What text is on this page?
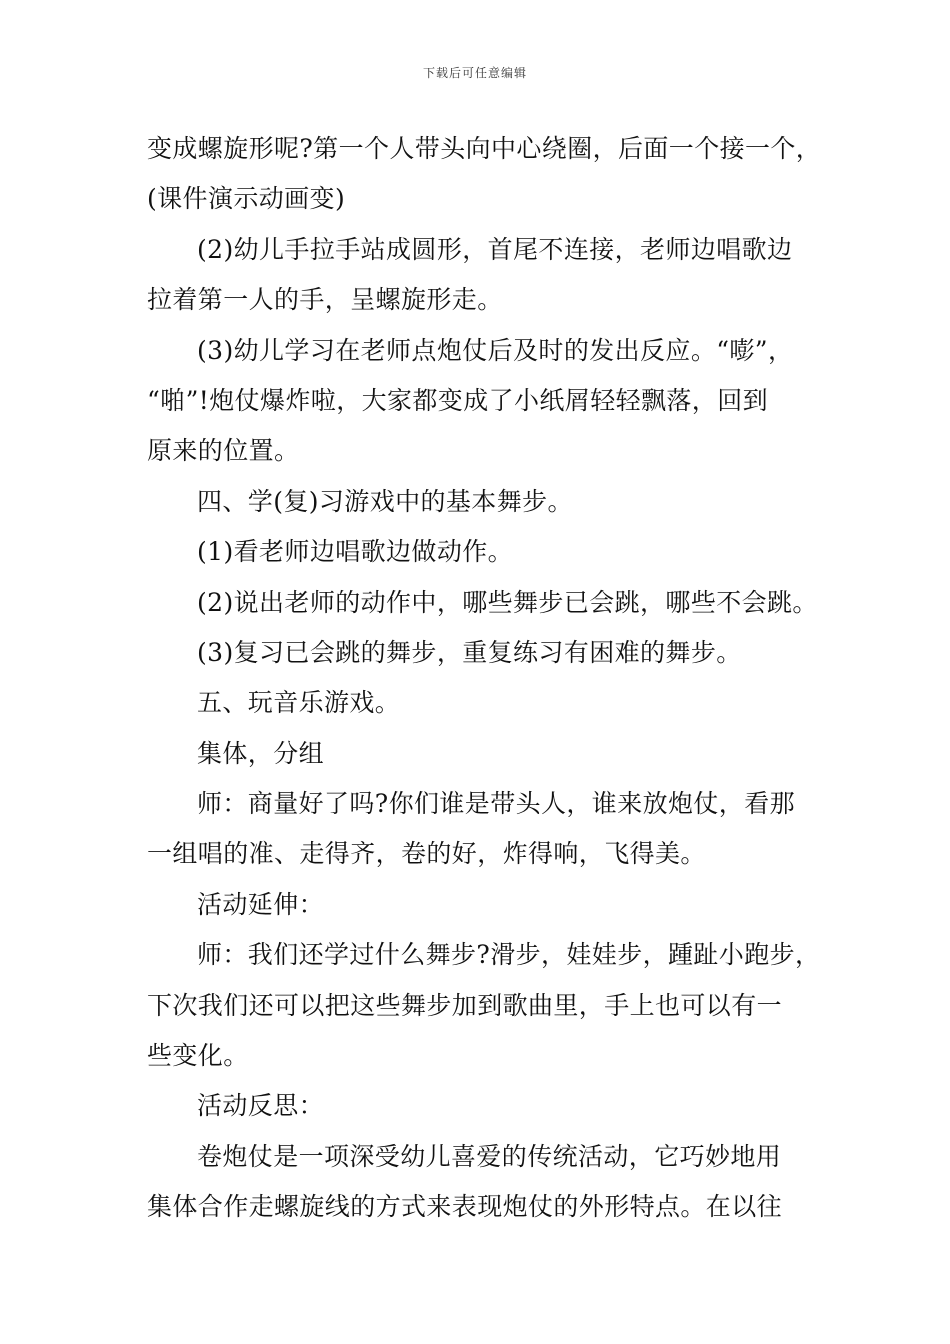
下载后可任意编辑
变成螺旋形呢?第一个人带头向中心绕圈，后面一个接一个，
(课件演示动画变)
(2)幼儿手拉手站成圆形，首尾不连接，老师边唱歌边
拉着第一人的手，呈螺旋形走。
(3)幼儿学习在老师点炮仗后及时的发出反应。“嘭”，
“啪”!炮仗爆炸啦，大家都变成了小纸屑轻轻飘落，回到
原来的位置。
四、学(复)习游戏中的基本舞步。
(1)看老师边唱歌边做动作。
(2)说出老师的动作中，哪些舞步已会跳，哪些不会跳。
(3)复习已会跳的舞步，重复练习有困难的舞步。
五、玩音乐游戏。
集体，分组
师：商量好了吗?你们谁是带头人，谁来放炮仗，看那
一组唱的准、走得齐，卷的好，炸得响，飞得美。
活动延伸：
师：我们还学过什么舞步?滑步，娃娃步，踵趾小跑步，
下次我们还可以把这些舞步加到歌曲里，手上也可以有一
些变化。
活动反思：
卷炮仗是一项深受幼儿喜爱的传统活动，它巧妙地用
集体合作走螺旋线的方式来表现炮仗的外形特点。在以往
